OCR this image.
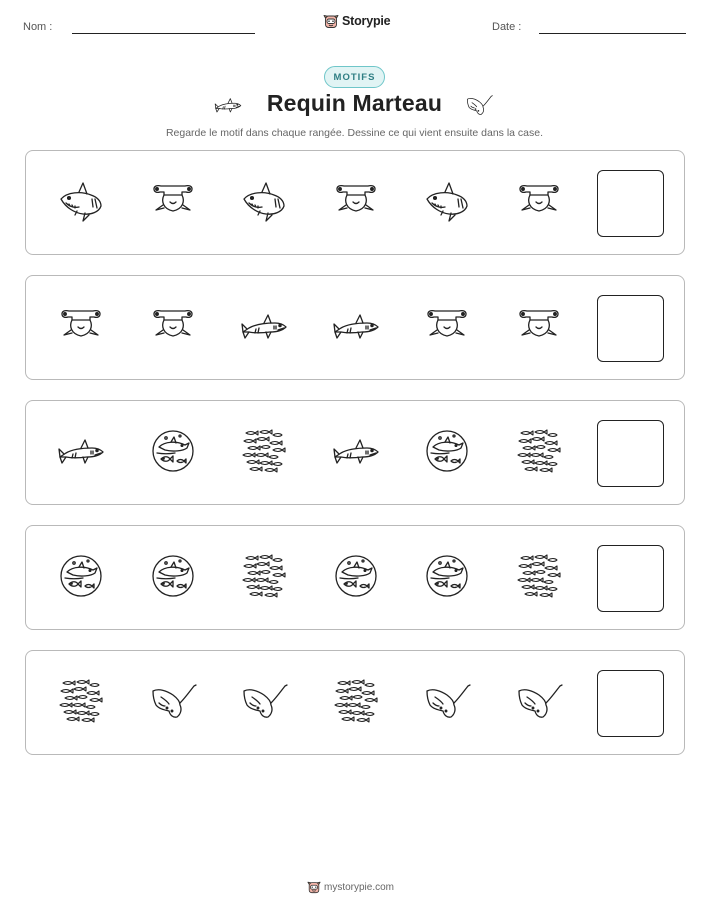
Nom :	Storypie	Date :
MOTIFS
Requin Marteau
Regarde le motif dans chaque rangée. Dessine ce qui vient ensuite dans la case.
mystorypie.com
